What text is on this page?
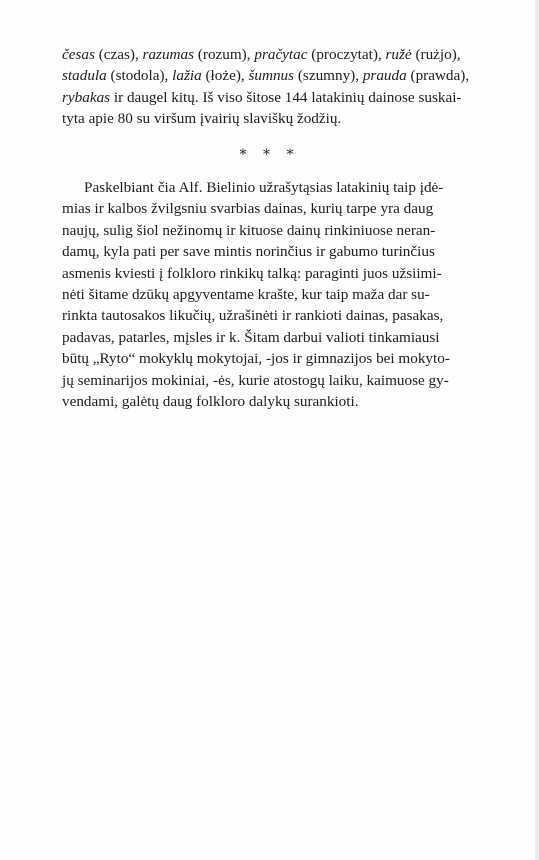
česas (czas), razumas (rozum), pračytac (proczytat), ružė (rużjo),
stadula (stodola), lažia (łoże), šumnus (szumny), prauda (prawda),
rybakas ir daugel kitų. Iš viso šitose 144 latakinių dainose suskai-
tyta apie 80 su viršum įvairių slaviškų žodžių.

* * *

Paskelbiant čia Alf. Bielinio užrašytąsias latakinių taip įdė-
mias ir kalbos žvilgsniu svarbias dainas, kurių tarpe yra daug
naujų, sulig šiol nežinomų ir kituose dainų rinkiniuose neran-
damų, kyla pati per save mintis norinčius ir gabumo turinčius
asmenis kviesti į folkloro rinkikų talką: paraginti juos užsiimi-
nėti šitame dzūkų apgyventame krašte, kur taip maža dar su-
rinkta tautosakos likučių, užrašinėti ir rankioti dainas, pasakas,
padavas, patarles, mįsles ir k. Šitam darbui valioti tinkamiausi
būtų „Ryto“ mokyklų mokytojai, -jos ir gimnazijos bei mokyto-
jų seminarijos mokiniai, -ės, kurie atostogų laiku, kaimuose gy-
vendami, galėtų daug folkloro dalykų surankioti.
